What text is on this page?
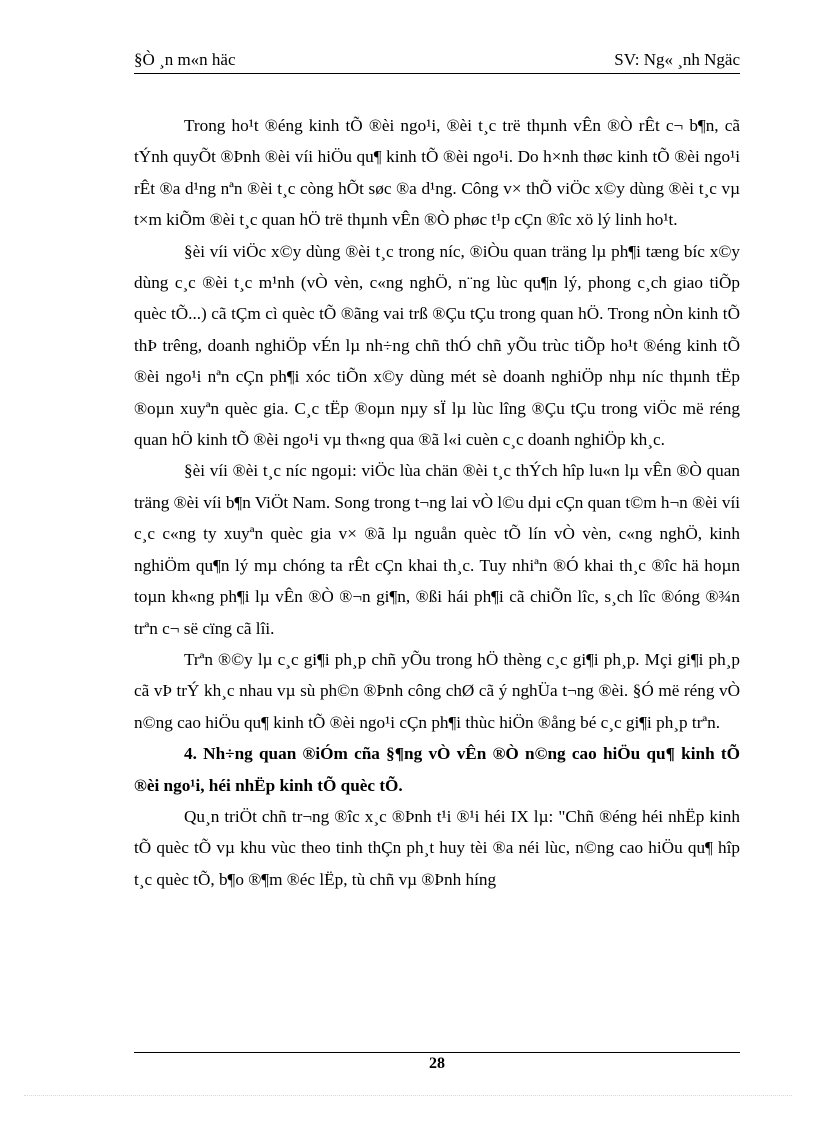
§Ò ¸n m«n häc	SV: Ng« ¸nh Ngäc

Trong ho¹t ®éng kinh tÕ ®èi ngo¹i, ®èi t¸c trë thµnh vÊn ®Ò rÊt c¬ b¶n, cã tÝnh quyÕt ®Þnh ®èi víi hiÖu qu¶ kinh tÕ ®èi ngo¹i. Do h×nh thøc kinh tÕ ®èi ngo¹i rÊt ®a d¹ng nªn ®èi t¸c còng hÕt søc ®a d¹ng. Công v× thÕ viÖc x©y dùng ®èi t¸c vµ t×m kiÕm ®èi t¸c quan hÖ trë thµnh vÊn ®Ò phøc t¹p cÇn ®îc xö lý linh ho¹t.

§èi víi viÖc x©y dùng ®èi t¸c trong níc, ®iÒu quan träng lµ ph¶i tæng bíc x©y dùng c¸c ®èi t¸c m¹nh (vÒ vèn, c«ng nghÖ, n¨ng lùc qu¶n lý, phong c¸ch giao tiÕp quèc tÕ...) cã tÇm cì quèc tÕ ®ãng vai trß ®Çu tÇu trong quan hÖ. Trong nÒn kinh tÕ thÞ trêng, doanh nghiÖp vÉn lµ nh÷ng chñ thÓ chñ yÕu trùc tiÕp ho¹t ®éng kinh tÕ ®èi ngo¹i nªn cÇn ph¶i xóc tiÕn x©y dùng mét sè doanh nghiÖp nhµ níc thµnh tËp ®oµn xuyªn quèc gia. C¸c tËp ®oµn nµy sÏ lµ lùc lîng ®Çu tÇu trong viÖc më réng quan hÖ kinh tÕ ®èi ngo¹i vµ th«ng qua ®ã l«i cuèn c¸c doanh nghiÖp kh¸c.

§èi víi ®èi t¸c níc ngoµi: viÖc lùa chän ®èi t¸c thÝch hîp lu«n lµ vÊn ®Ò quan träng ®èi víi b¶n ViÖt Nam. Song trong t¬ng lai vÒ l©u dµi cÇn quan t©m h¬n ®èi víi c¸c c«ng ty xuyªn quèc gia v× ®ã lµ nguån quèc tÕ lín vÒ vèn, c«ng nghÖ, kinh nghiÖm qu¶n lý mµ chóng ta rÊt cÇn khai th¸c. Tuy nhiªn ®Ó khai th¸c ®îc hä hoµn toµn kh«ng ph¶i lµ vÊn ®Ò ®¬n gi¶n, ®ßi hái ph¶i cã chiÕn lîc, s¸ch lîc ®óng ®¾n trªn c¬ së cïng cã lîi.

Trªn ®©y lµ c¸c gi¶i ph¸p chñ yÕu trong hÖ thèng c¸c gi¶i ph¸p. Mçi gi¶i ph¸p cã vÞ trÝ kh¸c nhau vµ sù ph©n ®Þnh công chØ cã ý nghÜa t¬ng ®èi. §Ó më réng vÒ n©ng cao hiÖu qu¶ kinh tÕ ®èi ngo¹i cÇn ph¶i thùc hiÖn ®ång bé c¸c gi¶i ph¸p trªn.

4. Nh÷ng quan ®iÓm cña §¶ng vÒ vÊn ®Ò n©ng cao hiÖu qu¶ kinh tÕ ®èi ngo¹i, héi nhËp kinh tÕ quèc tÕ.

Qu¸n triÖt chñ tr¬ng ®îc x¸c ®Þnh t¹i ®¹i héi IX lµ: "Chñ ®éng héi nhËp kinh tÕ quèc tÕ vµ khu vùc theo tinh thÇn ph¸t huy tèi ®a néi lùc, n©ng cao hiÖu qu¶ hîp t¸c quèc tÕ, b¶o ®¶m ®éc lËp, tù chñ vµ ®Þnh híng

28
